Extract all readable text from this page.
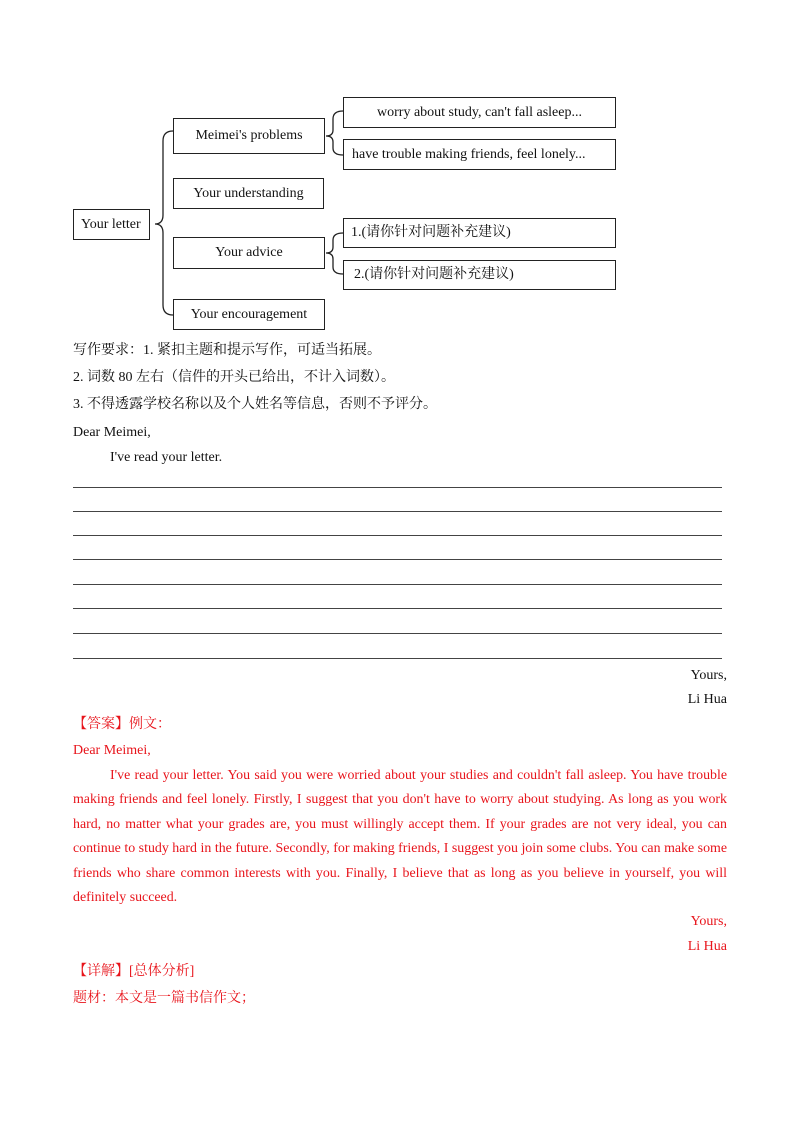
Your letter
Meimei's problems
Your understanding
Your advice
Your encouragement
worry about study, can't fall asleep...
have trouble making friends, feel lonely...
1.(请你针对问题补充建议)
2.(请你针对问题补充建议)
写作要求：1. 紧扣主题和提示写作，可适当拓展。
2. 词数 80 左右（信件的开头已给出，不计入词数）。
3. 不得透露学校名称以及个人姓名等信息，否则不予评分。
Dear Meimei,
I've read your letter.
Yours,
Li Hua
【答案】例文：
Dear Meimei,
I've read your letter. You said you were worried about your studies and couldn't fall asleep. You have trouble making friends and feel lonely. Firstly, I suggest that you don't have to worry about studying. As long as you work hard, no matter what your grades are, you must willingly accept them. If your grades are not very ideal, you can continue to study hard in the future. Secondly, for making friends, I suggest you join some clubs. You can make some friends who share common interests with you. Finally, I believe that as long as you believe in yourself, you will definitely succeed.
Yours,
Li Hua
【详解】[总体分析]
题材：本文是一篇书信作文；
